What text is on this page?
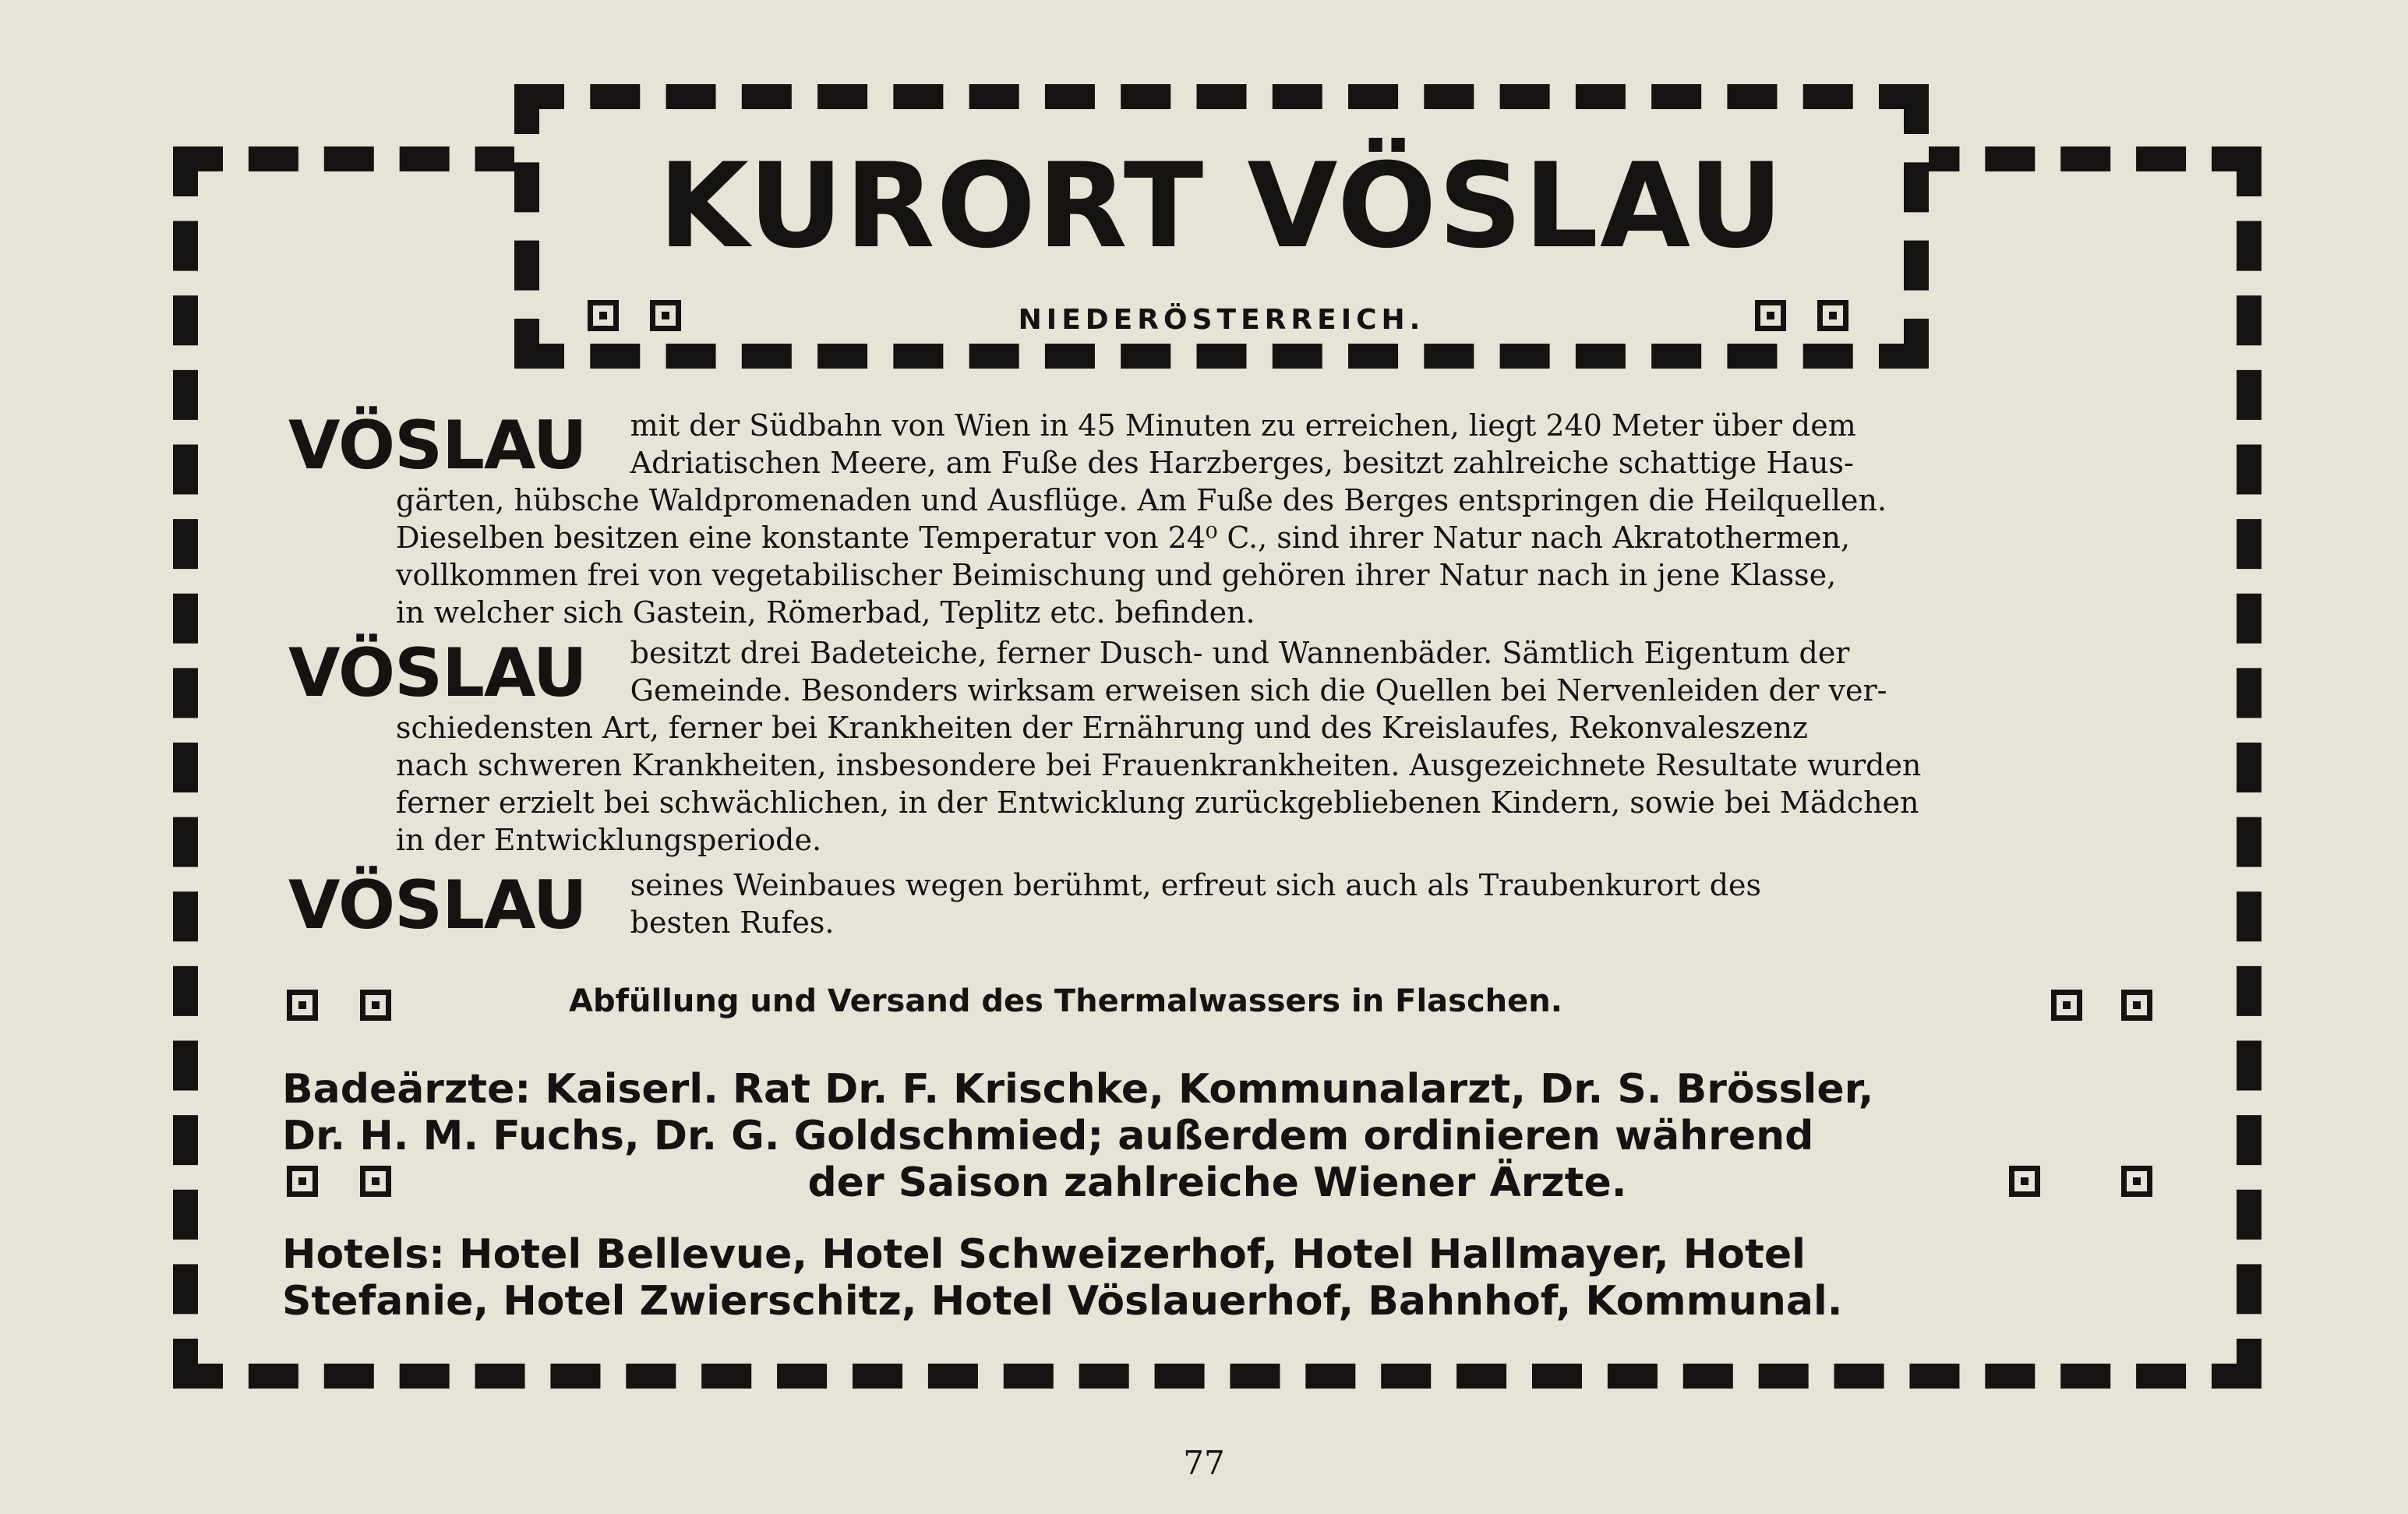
KURORT VÖSLAU
NIEDERÖSTERREICH.
VÖSLAU	mit der Südbahn von Wien in 45 Minuten zu erreichen, liegt 240 Meter über dem

Adriatischen Meere, am Fuße des Harzberges, besitzt zahlreiche schattige Haus-

gärten, hübsche Waldpromenaden und Ausflüge. Am Fuße des Berges entspringen die Heilquellen.

Dieselben besitzen eine konstante Temperatur von 24⁰ C., sind ihrer Natur nach Akratothermen,

vollkommen frei von vegetabilischer Beimischung und gehören ihrer Natur nach in jene Klasse,

in welcher sich Gastein, Römerbad, Teplitz etc. befinden.

VÖSLAU	besitzt drei Badeteiche, ferner Dusch- und Wannenbäder. Sämtlich Eigentum der

Gemeinde. Besonders wirksam erweisen sich die Quellen bei Nervenleiden der ver-

schiedensten Art, ferner bei Krankheiten der Ernährung und des Kreislaufes, Rekonvaleszenz

nach schweren Krankheiten, insbesondere bei Frauenkrankheiten. Ausgezeichnete Resultate wurden

ferner erzielt bei schwächlichen, in der Entwicklung zurückgebliebenen Kindern, sowie bei Mädchen

in der Entwicklungsperiode.

VÖSLAU	seines Weinbaues wegen berühmt, erfreut sich auch als Traubenkurort des

besten Rufes.

Abfüllung und Versand des Thermalwassers in Flaschen.
Badeärzte: Kaiserl. Rat Dr. F. Krischke, Kommunalarzt, Dr. S. Brössler,
Dr. H. M. Fuchs, Dr. G. Goldschmied; außerdem ordinieren während
der Saison zahlreiche Wiener Ärzte.
Hotels: Hotel Bellevue, Hotel Schweizerhof, Hotel Hallmayer, Hotel
Stefanie, Hotel Zwierschitz, Hotel Vöslauerhof, Bahnhof, Kommunal.
77
